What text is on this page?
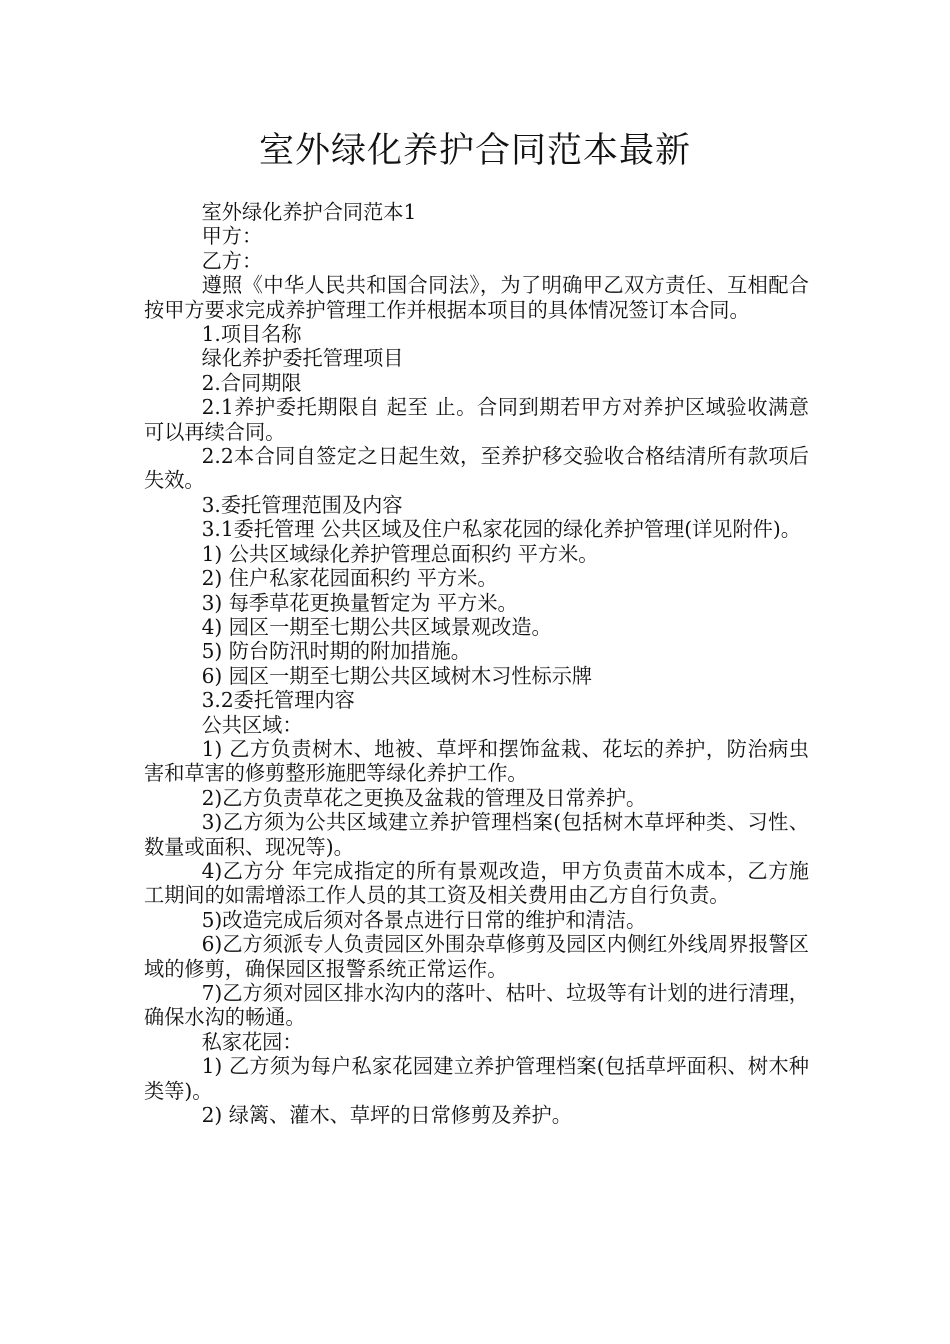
室外绿化养护合同范本最新

室外绿化养护合同范本1

甲方：

乙方：

遵照《中华人民共和国合同法》，为了明确甲乙双方责任、互相配合按甲方要求完成养护管理工作并根据本项目的具体情况签订本合同。

1.项目名称

绿化养护委托管理项目

2.合同期限

2.1养护委托期限自 起至 止。合同到期若甲方对养护区域验收满意可以再续合同。

2.2本合同自签定之日起生效，至养护移交验收合格结清所有款项后失效。

3.委托管理范围及内容

3.1委托管理 公共区域及住户私家花园的绿化养护管理(详见附件)。

1) 公共区域绿化养护管理总面积约 平方米。

2) 住户私家花园面积约 平方米。

3) 每季草花更换量暂定为 平方米。

4) 园区一期至七期公共区域景观改造。

5) 防台防汛时期的附加措施。

6) 园区一期至七期公共区域树木习性标示牌

3.2委托管理内容

公共区域：

1) 乙方负责树木、地被、草坪和摆饰盆栽、花坛的养护，防治病虫害和草害的修剪整形施肥等绿化养护工作。

2)乙方负责草花之更换及盆栽的管理及日常养护。

3)乙方须为公共区域建立养护管理档案(包括树木草坪种类、习性、数量或面积、现况等)。

4)乙方分 年完成指定的所有景观改造，甲方负责苗木成本，乙方施工期间的如需增添工作人员的其工资及相关费用由乙方自行负责。

5)改造完成后须对各景点进行日常的维护和清洁。

6)乙方须派专人负责园区外围杂草修剪及园区内侧红外线周界报警区域的修剪，确保园区报警系统正常运作。

7)乙方须对园区排水沟内的落叶、枯叶、垃圾等有计划的进行清理，确保水沟的畅通。

私家花园：

1) 乙方须为每户私家花园建立养护管理档案(包括草坪面积、树木种类等)。

2) 绿篱、灌木、草坪的日常修剪及养护。
